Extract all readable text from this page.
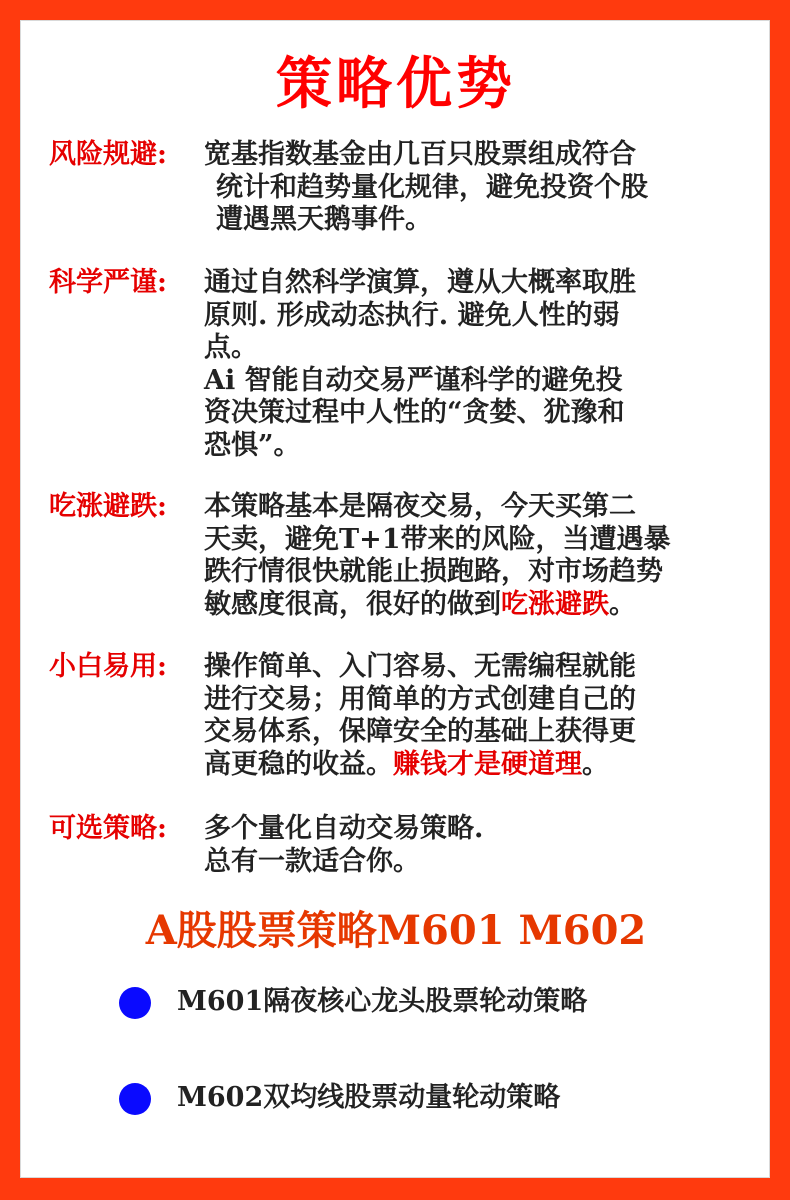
策略优势
风险规避: 宽基指数基金由几百只股票组成符合
统计和趋势量化规律，避免投资个股
遭遇黑天鹅事件。
科学严谨: 通过自然科学演算，遵从大概率取胜
原则. 形成动态执行. 避免人性的弱
点。
Ai 智能自动交易严谨科学的避免投
资决策过程中人性的“贪婪、犹豫和
恐惧”。
吃涨避跌: 本策略基本是隔夜交易，今天买第二
天卖，避免T+1带来的风险，当遭遇暴
跌行情很快就能止损跑路，对市场趋势
敏感度很高，很好的做到吃涨避跌。
小白易用: 操作简单、入门容易、无需编程就能
进行交易；用简单的方式创建自己的
交易体系，保障安全的基础上获得更
高更稳的收益。赚钱才是硬道理。
可选策略: 多个量化自动交易策略.
总有一款适合你。
A股股票策略M601 M602
M601隔夜核心龙头股票轮动策略
M602双均线股票动量轮动策略
